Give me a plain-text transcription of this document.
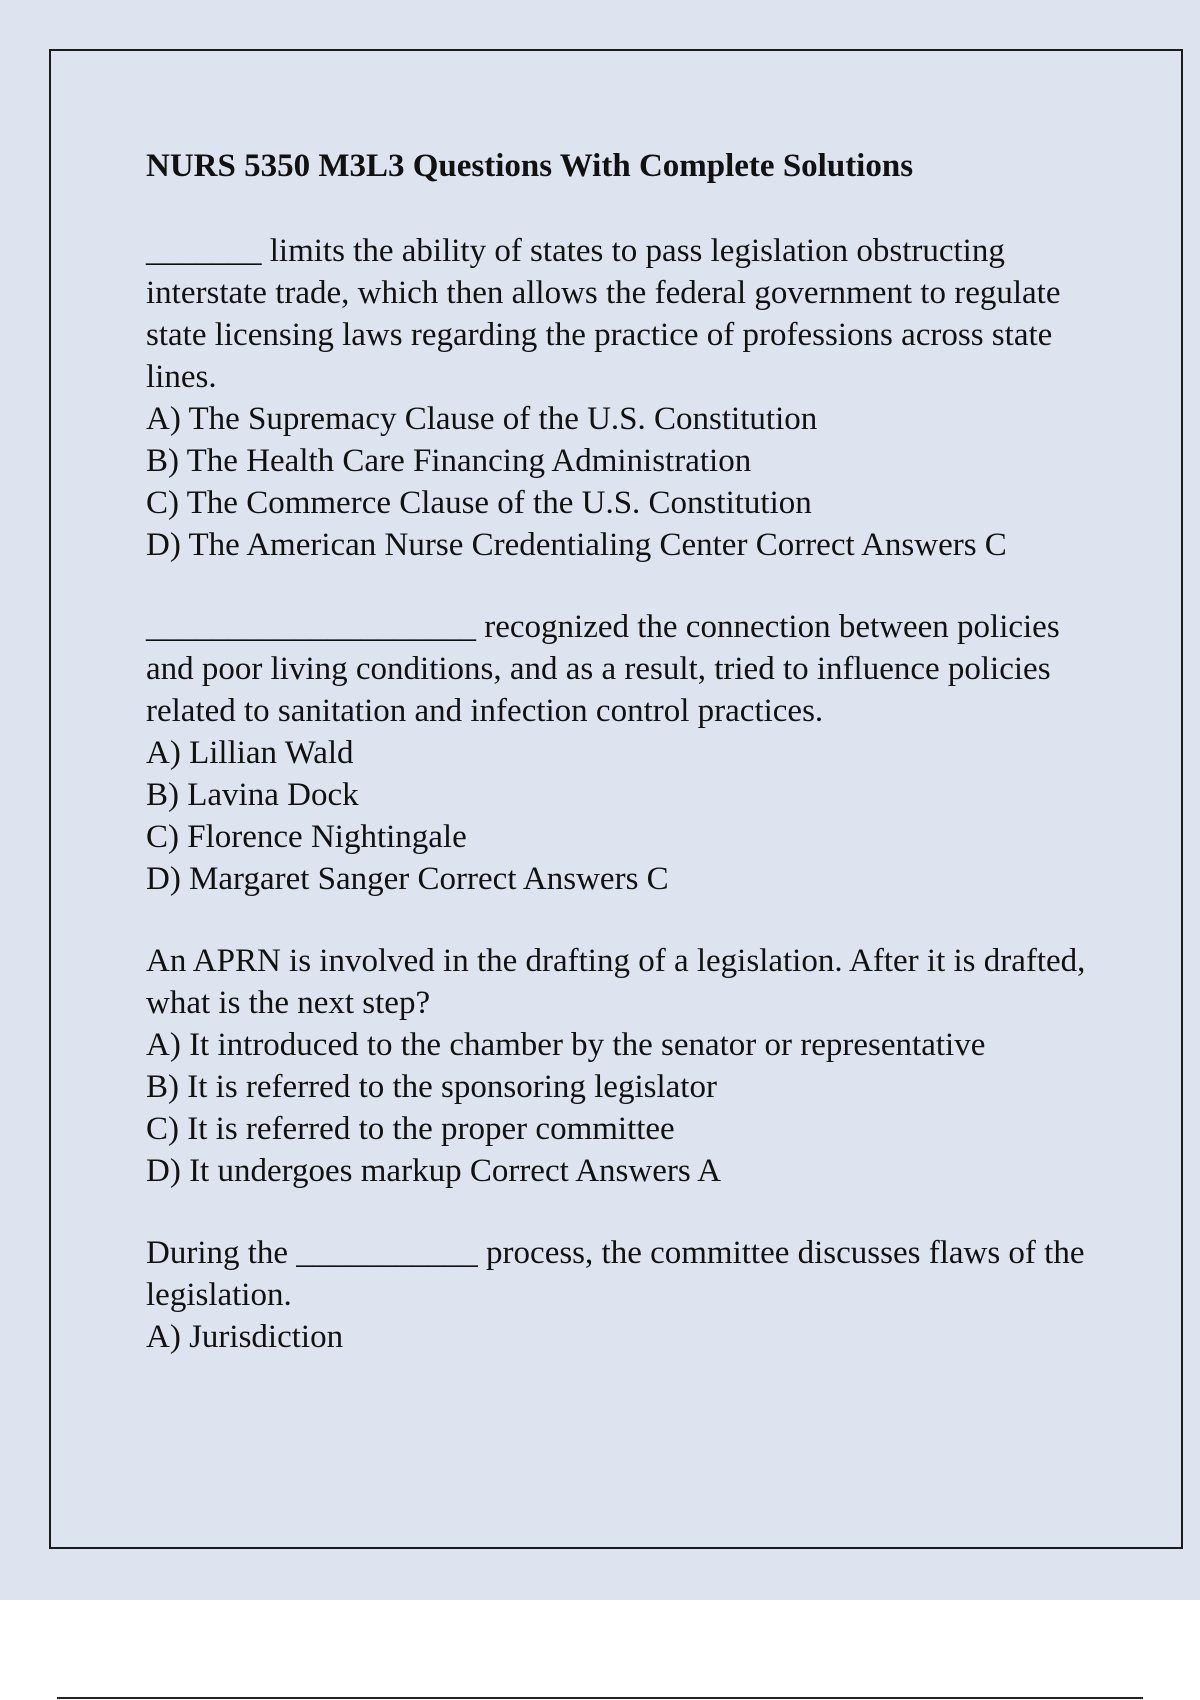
NURS 5350 M3L3 Questions With Complete Solutions

_______ limits the ability of states to pass legislation obstructing interstate trade, which then allows the federal government to regulate state licensing laws regarding the practice of professions across state lines.

A) The Supremacy Clause of the U.S. Constitution
B) The Health Care Financing Administration
C) The Commerce Clause of the U.S. Constitution
D) The American Nurse Credentialing Center Correct Answers C

____________________ recognized the connection between policies and poor living conditions, and as a result, tried to influence policies related to sanitation and infection control practices.

A) Lillian Wald
B) Lavina Dock
C) Florence Nightingale
D) Margaret Sanger Correct Answers C

An APRN is involved in the drafting of a legislation. After it is drafted, what is the next step?

A) It introduced to the chamber by the senator or representative
B) It is referred to the sponsoring legislator
C) It is referred to the proper committee
D) It undergoes markup Correct Answers A

During the ___________ process, the committee discusses flaws of the legislation.

A) Jurisdiction
